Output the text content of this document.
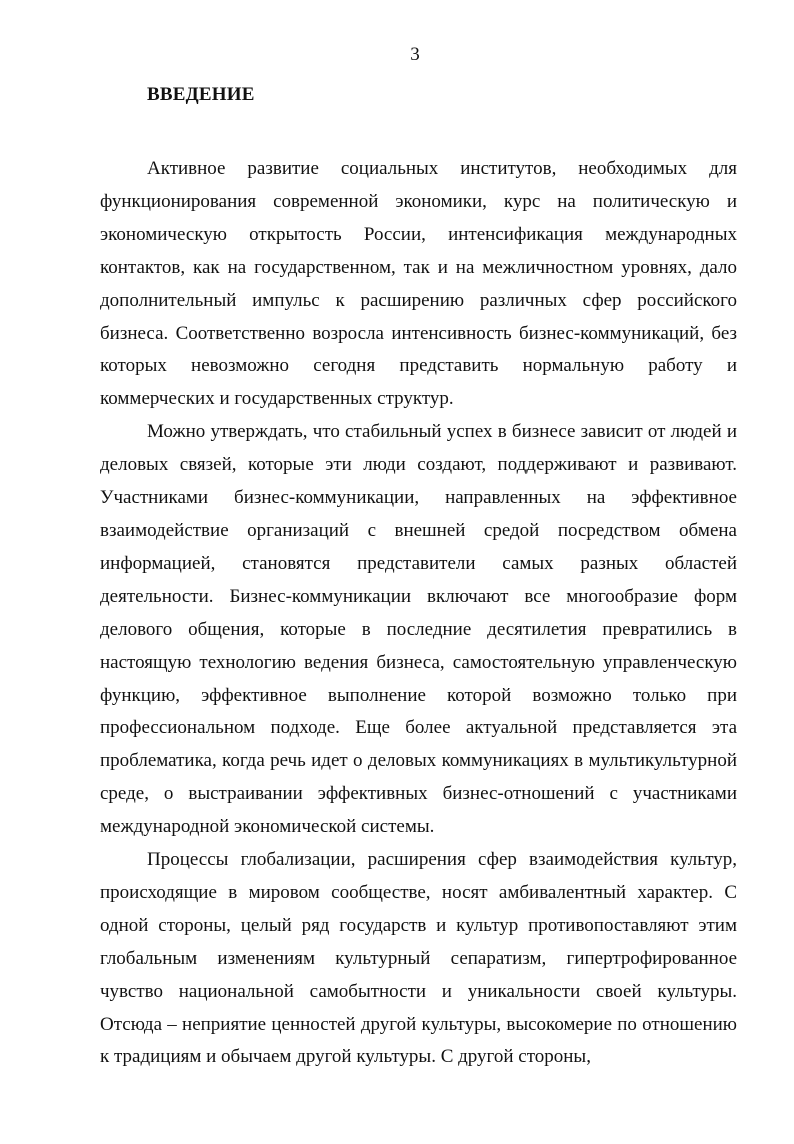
3
ВВЕДЕНИЕ

Активное развитие социальных институтов, необходимых для функционирования современной экономики, курс на политическую и экономическую открытость России, интенсификация международных контактов, как на государственном, так и на межличностном уровнях, дало дополнительный импульс к расширению различных сфер российского бизнеса. Соответственно возросла интенсивность бизнес-коммуникаций, без которых невозможно сегодня представить нормальную работу и коммерческих и государственных структур.

Можно утверждать, что стабильный успех в бизнесе зависит от людей и деловых связей, которые эти люди создают, поддерживают и развивают. Участниками бизнес-коммуникации, направленных на эффективное взаимодействие организаций с внешней средой посредством обмена информацией, становятся представители самых разных областей деятельности. Бизнес-коммуникации включают все многообразие форм делового общения, которые в последние десятилетия превратились в настоящую технологию ведения бизнеса, самостоятельную управленческую функцию, эффективное выполнение которой возможно только при профессиональном подходе. Еще более актуальной представляется эта проблематика, когда речь идет о деловых коммуникациях в мультикультурной среде, о выстраивании эффективных бизнес-отношений с участниками международной экономической системы.

Процессы глобализации, расширения сфер взаимодействия культур, происходящие в мировом сообществе, носят амбивалентный характер. С одной стороны, целый ряд государств и культур противопоставляют этим глобальным изменениям культурный сепаратизм, гипертрофированное чувство национальной самобытности и уникальности своей культуры. Отсюда – неприятие ценностей другой культуры, высокомерие по отношению к традициям и обычаем другой культуры. С другой стороны,
